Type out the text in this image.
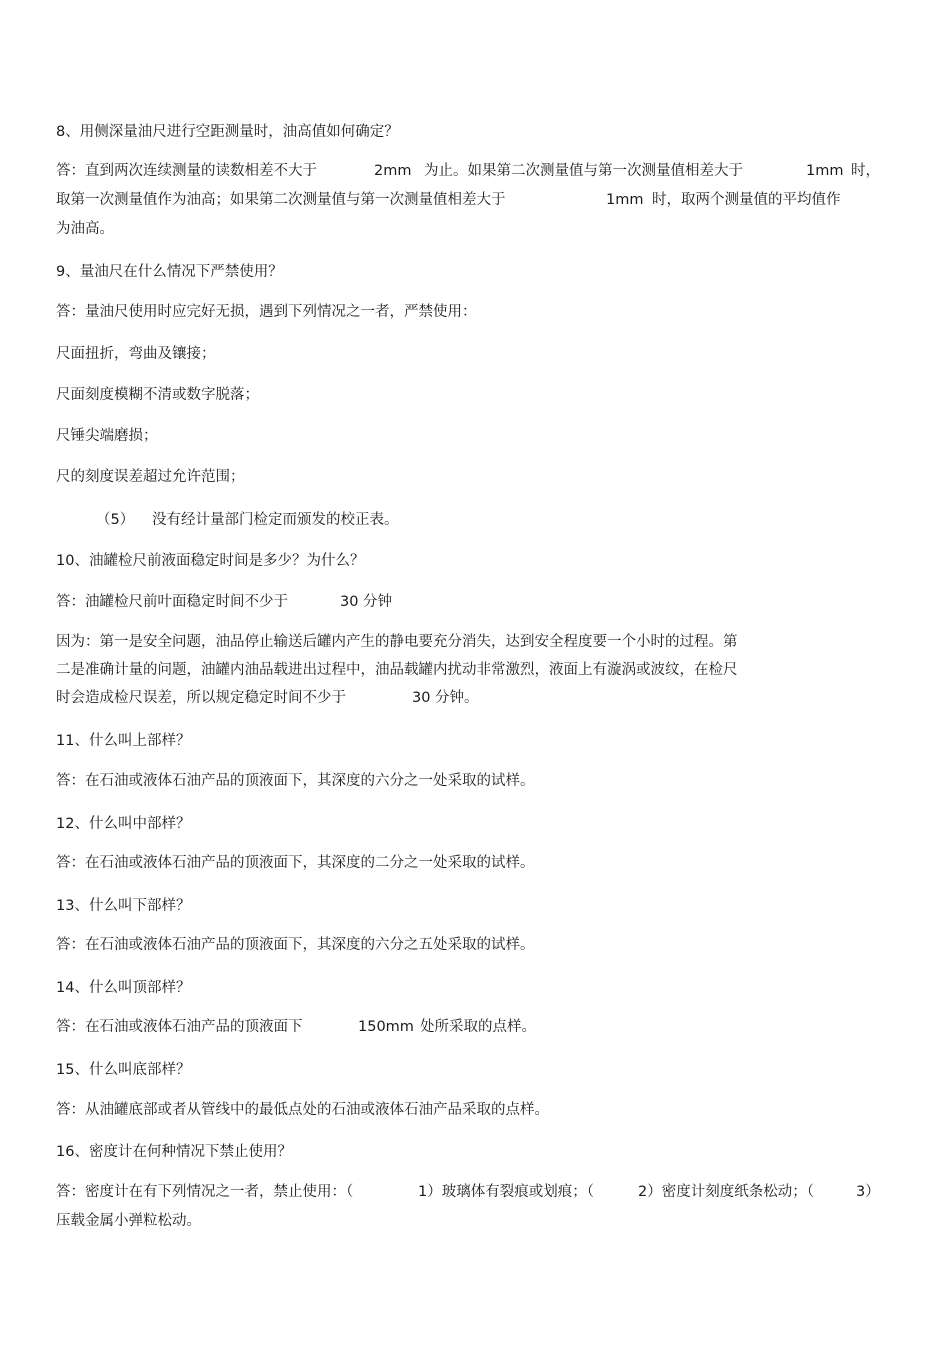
8、用侧深量油尺进行空距测量时，油高值如何确定？
答：直到两次连续测量的读数相差不大于	2mm 为止。如果第二次测量值与第一次测量值相差大于	1mm 时，
取第一次测量值作为油高；如果第二次测量值与第一次测量值相差大于	1mm 时，取两个测量值的平均值作
为油高。
9、量油尺在什么情况下严禁使用？
答：量油尺使用时应完好无损，遇到下列情况之一者，严禁使用：
尺面扭折，弯曲及镶接；
尺面刻度模糊不清或数字脱落；
尺锤尖端磨损；
尺的刻度误差超过允许范围；
（5） 没有经计量部门检定而颁发的校正表。
10、油罐检尺前液面稳定时间是多少？为什么？
答：油罐检尺前叶面稳定时间不少于	30 分钟
因为：第一是安全问题，油品停止输送后罐内产生的静电要充分消失，达到安全程度要一个小时的过程。第
二是准确计量的问题，油罐内油品载进出过程中，油品载罐内扰动非常激烈，液面上有漩涡或波纹，在检尺
时会造成检尺误差，所以规定稳定时间不少于	30 分钟。
11、什么叫上部样？
答：在石油或液体石油产品的顶液面下，其深度的六分之一处采取的试样。
12、什么叫中部样？
答：在石油或液体石油产品的顶液面下，其深度的二分之一处采取的试样。
13、什么叫下部样？
答：在石油或液体石油产品的顶液面下，其深度的六分之五处采取的试样。
14、什么叫顶部样？
答：在石油或液体石油产品的顶液面下	150mm 处所采取的点样。
15、什么叫底部样？
答：从油罐底部或者从管线中的最低点处的石油或液体石油产品采取的点样。
16、密度计在何种情况下禁止使用？
答：密度计在有下列情况之一者，禁止使用：（	1）玻璃体有裂痕或划痕；（	2）密度计刻度纸条松动；（	3）
压载金属小弹粒松动。
